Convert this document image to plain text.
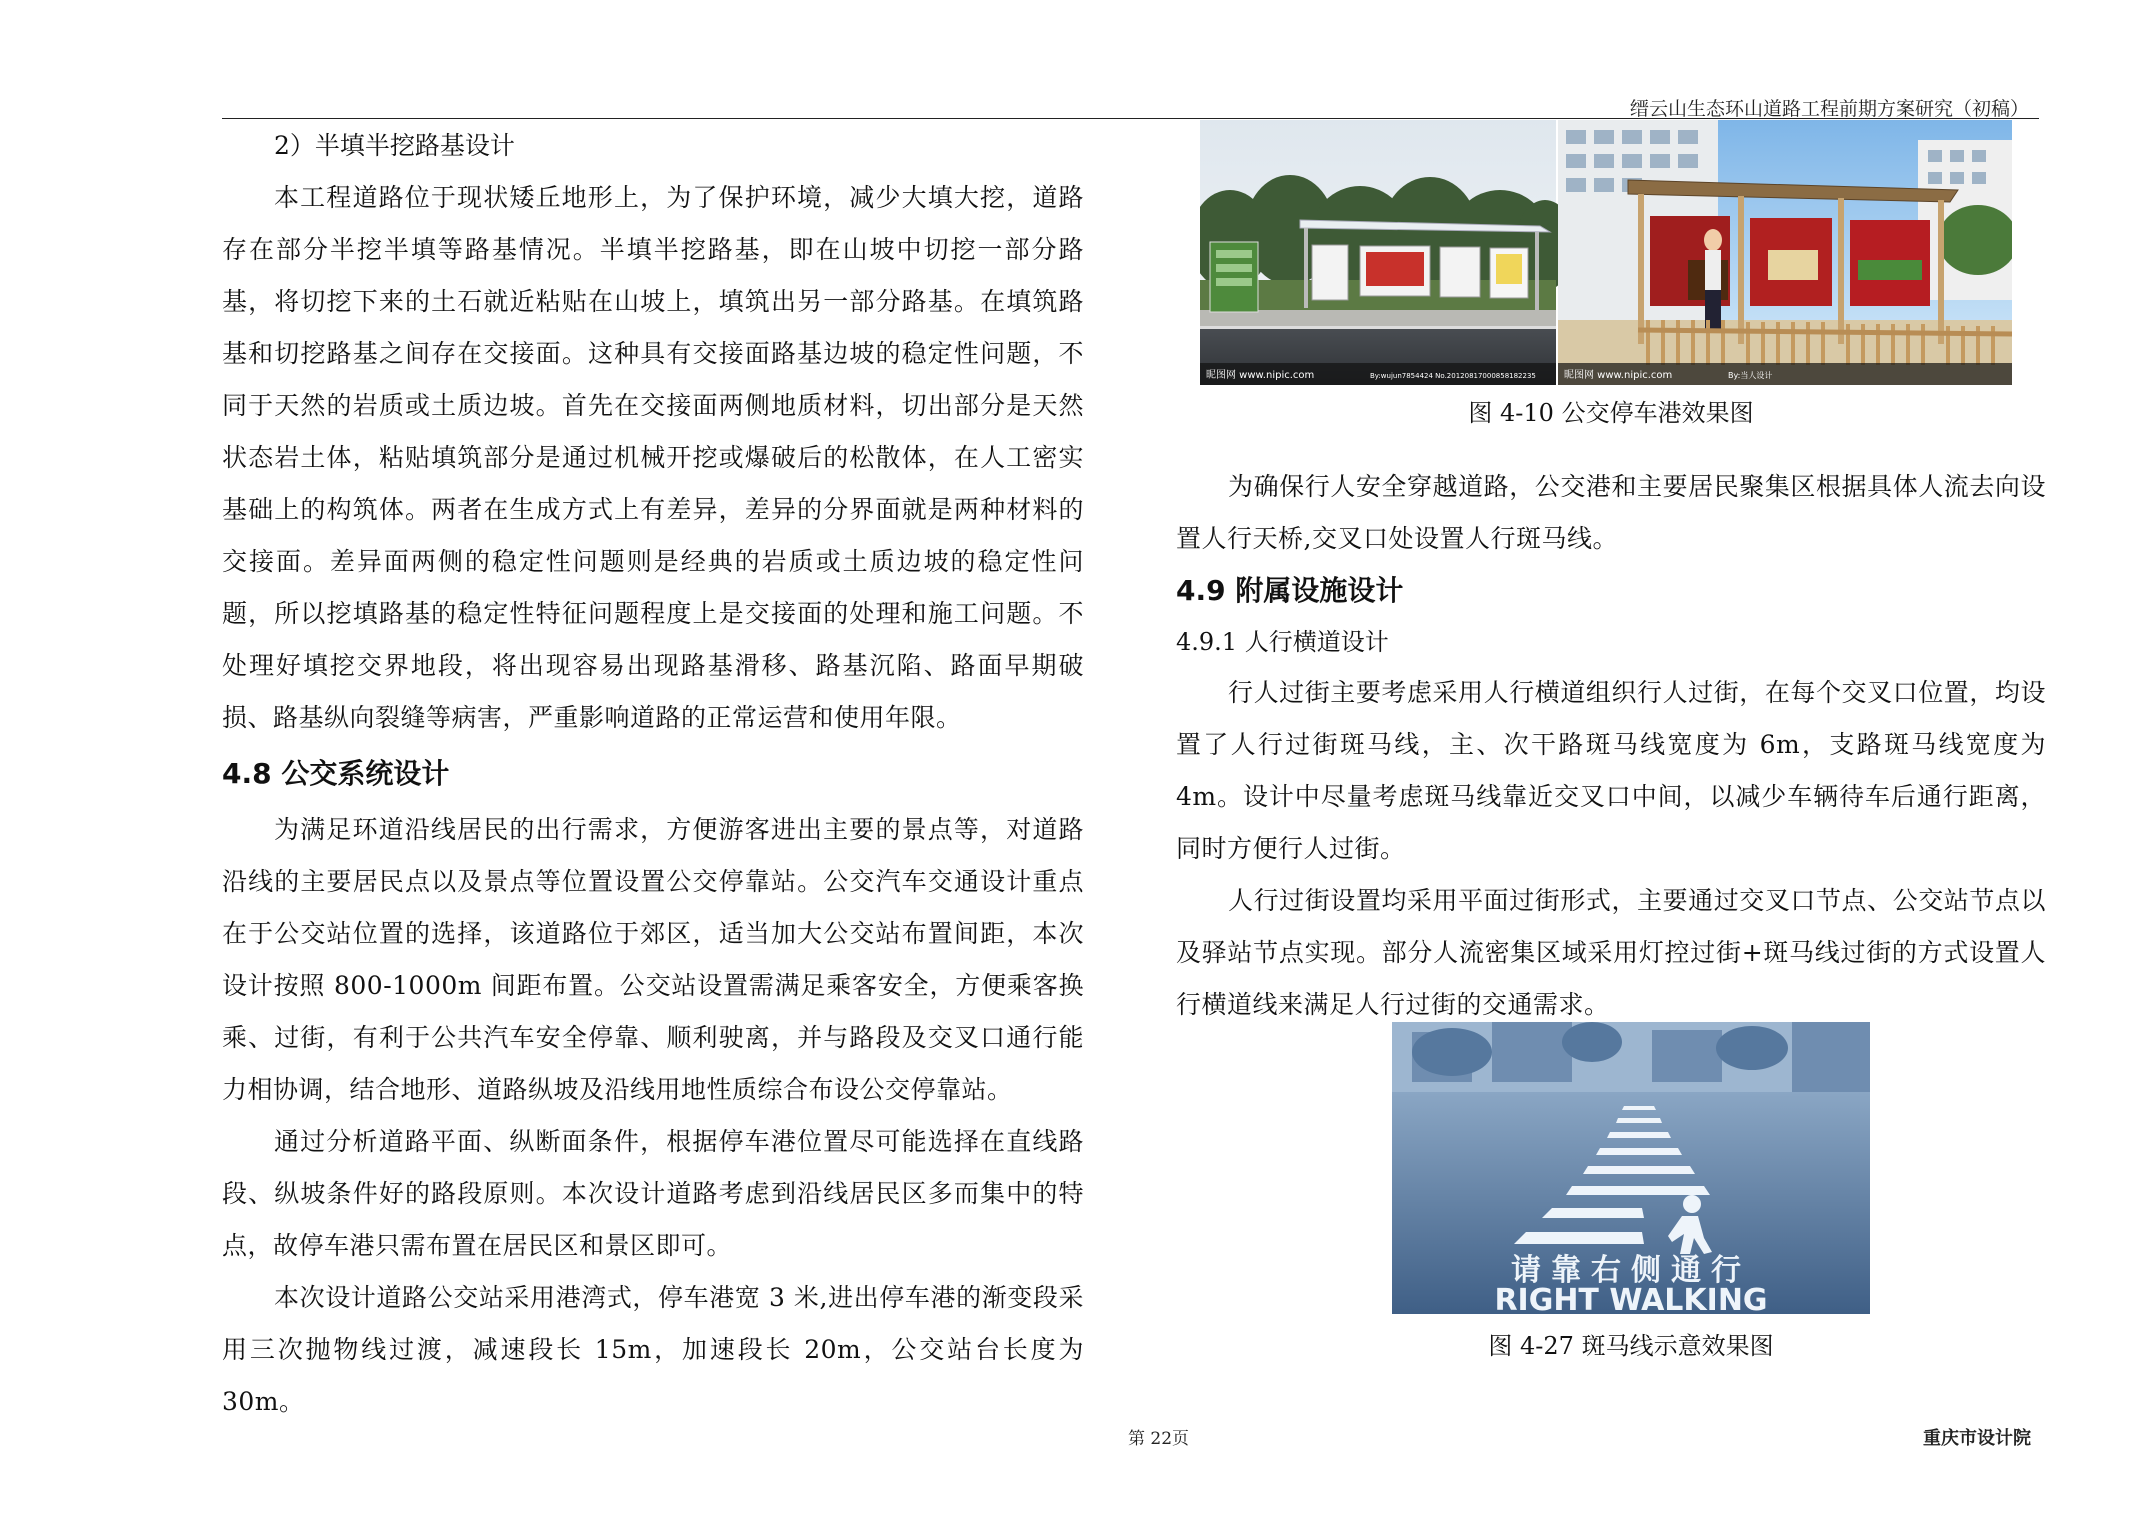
缙云山生态环山道路工程前期方案研究（初稿）

2）半填半挖路基设计

本工程道路位于现状矮丘地形上，为了保护环境，减少大填大挖，道路存在部分半挖半填等路基情况。半填半挖路基，即在山坡中切挖一部分路基，将切挖下来的土石就近粘贴在山坡上，填筑出另一部分路基。在填筑路基和切挖路基之间存在交接面。这种具有交接面路基边坡的稳定性问题，不同于天然的岩质或土质边坡。首先在交接面两侧地质材料，切出部分是天然状态岩土体，粘贴填筑部分是通过机械开挖或爆破后的松散体，在人工密实基础上的构筑体。两者在生成方式上有差异，差异的分界面就是两种材料的交接面。差异面两侧的稳定性问题则是经典的岩质或土质边坡的稳定性问题，所以挖填路基的稳定性特征问题程度上是交接面的处理和施工问题。不处理好填挖交界地段，将出现容易出现路基滑移、路基沉陷、路面早期破损、路基纵向裂缝等病害，严重影响道路的正常运营和使用年限。

4.8 公交系统设计

为满足环道沿线居民的出行需求，方便游客进出主要的景点等，对道路沿线的主要居民点以及景点等位置设置公交停靠站。公交汽车交通设计重点在于公交站位置的选择，该道路位于郊区，适当加大公交站布置间距，本次设计按照 800-1000m 间距布置。公交站设置需满足乘客安全，方便乘客换乘、过街，有利于公共汽车安全停靠、顺利驶离，并与路段及交叉口通行能力相协调，结合地形、道路纵坡及沿线用地性质综合布设公交停靠站。

通过分析道路平面、纵断面条件，根据停车港位置尽可能选择在直线路段、纵坡条件好的路段原则。本次设计道路考虑到沿线居民区多而集中的特点，故停车港只需布置在居民区和景区即可。

本次设计道路公交站采用港湾式，停车港宽 3 米,进出停车港的渐变段采用三次抛物线过渡，减速段长 15m，加速段长 20m，公交站台长度为 30m。

昵图网 www.nipic.com	By:wujun7854424 No.20120817000858182235	昵图网 www.nipic.com	By:当人设计

图 4-10 公交停车港效果图

为确保行人安全穿越道路，公交港和主要居民聚集区根据具体人流去向设置人行天桥,交叉口处设置人行斑马线。

4.9 附属设施设计

4.9.1 人行横道设计

行人过街主要考虑采用人行横道组织行人过街，在每个交叉口位置，均设置了人行过街斑马线，主、次干路斑马线宽度为 6m，支路斑马线宽度为 4m。设计中尽量考虑斑马线靠近交叉口中间，以减少车辆待车后通行距离，同时方便行人过街。

人行过街设置均采用平面过街形式，主要通过交叉口节点、公交站节点以及驿站节点实现。部分人流密集区域采用灯控过街+斑马线过街的方式设置人行横道线来满足人行过街的交通需求。

请靠右侧通行
RIGHT WALKING

图 4-27 斑马线示意效果图

第 22页	重庆市设计院
